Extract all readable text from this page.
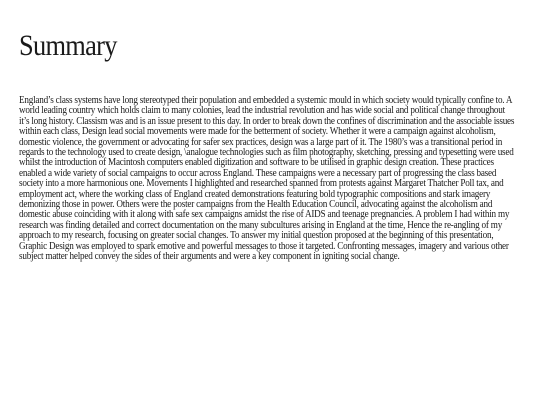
Summary

England’s class systems have long stereotyped their population and embedded a systemic mould in which society would typically confine to. A world leading country which holds claim to many colonies, lead the industrial revolution and has wide social and political change throughout it’s long history. Classism was and is an issue present to this day. In order to break down the confines of discrimination and the associable issues within each class, Design lead social movements were made for the betterment of society. Whether it were a campaign against alcoholism, domestic violence, the government or advocating for safer sex practices, design was a large part of it. The 1980’s was a transitional period in regards to the technology used to create design, \analogue technologies such as film photography, sketching, pressing and typesetting were used whilst the introduction of Macintosh computers enabled digitization and software to be utilised in graphic design creation. These practices enabled a wide variety of social campaigns to occur across England. These campaigns were a necessary part of progressing the class based society into a more harmonious one. Movements I highlighted and researched spanned from protests against Margaret Thatcher Poll tax, and employment act, where the working class of England created demonstrations featuring bold typographic compositions and stark imagery demonizing those in power. Others were the poster campaigns from the Health Education Council, advocating against the alcoholism and domestic abuse coinciding with it along with safe sex campaigns amidst the rise of AIDS and teenage pregnancies. A problem I had within my research was finding detailed and correct documentation on the many subcultures arising in England at the time, Hence the re-angling of my approach to my research, focusing on greater social changes. To answer my initial question proposed at the beginning of this presentation, Graphic Design was employed to spark emotive and powerful messages to those it targeted. Confronting messages, imagery and various other subject matter helped convey the sides of their arguments and were a key component in igniting social change.
